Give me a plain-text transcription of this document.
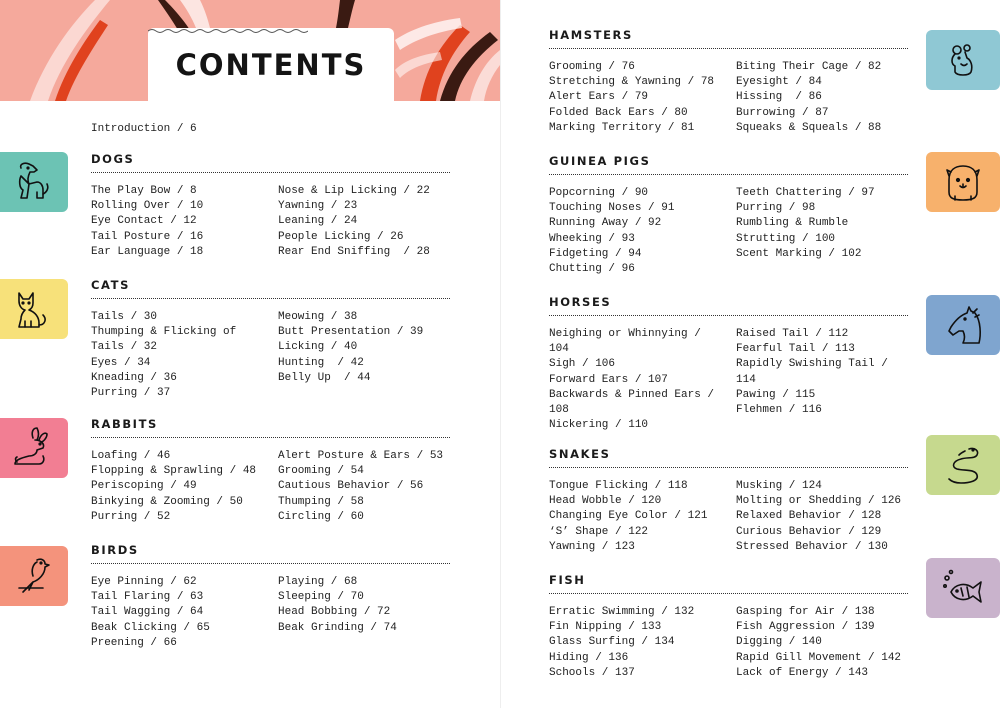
CONTENTS
Introduction / 6
DOGS
The Play Bow / 8
Rolling Over / 10
Eye Contact / 12
Tail Posture / 16
Ear Language / 18
Nose & Lip Licking / 22
Yawning / 23
Leaning / 24
People Licking / 26
Rear End Sniffing  / 28
CATS
Tails / 30
Thumping & Flicking of
Tails / 32
Eyes / 34
Kneading / 36
Purring / 37
Meowing / 38
Butt Presentation / 39
Licking / 40
Hunting  / 42
Belly Up  / 44
RABBITS
Loafing / 46
Flopping & Sprawling / 48
Periscoping / 49
Binkying & Zooming / 50
Purring / 52
Alert Posture & Ears / 53
Grooming / 54
Cautious Behavior / 56
Thumping / 58
Circling / 60
BIRDS
Eye Pinning / 62
Tail Flaring / 63
Tail Wagging / 64
Beak Clicking / 65
Preening / 66
Playing / 68
Sleeping / 70
Head Bobbing / 72
Beak Grinding / 74
HAMSTERS
Grooming / 76
Stretching & Yawning / 78
Alert Ears / 79
Folded Back Ears / 80
Marking Territory / 81
Biting Their Cage / 82
Eyesight / 84
Hissing  / 86
Burrowing / 87
Squeaks & Squeals / 88
GUINEA PIGS
Popcorning / 90
Touching Noses / 91
Running Away / 92
Wheeking / 93
Fidgeting / 94
Chutting / 96
Teeth Chattering / 97
Purring / 98
Rumbling & Rumble
Strutting / 100
Scent Marking / 102
HORSES
Neighing or Whinnying /
104
Sigh / 106
Forward Ears / 107
Backwards & Pinned Ears /
108
Nickering / 110
Raised Tail / 112
Fearful Tail / 113
Rapidly Swishing Tail /
114
Pawing / 115
Flehmen / 116
SNAKES
Tongue Flicking / 118
Head Wobble / 120
Changing Eye Color / 121
‘S’ Shape / 122
Yawning / 123
Musking / 124
Molting or Shedding / 126
Relaxed Behavior / 128
Curious Behavior / 129
Stressed Behavior / 130
FISH
Erratic Swimming / 132
Fin Nipping / 133
Glass Surfing / 134
Hiding / 136
Schools / 137
Gasping for Air / 138
Fish Aggression / 139
Digging / 140
Rapid Gill Movement / 142
Lack of Energy / 143
